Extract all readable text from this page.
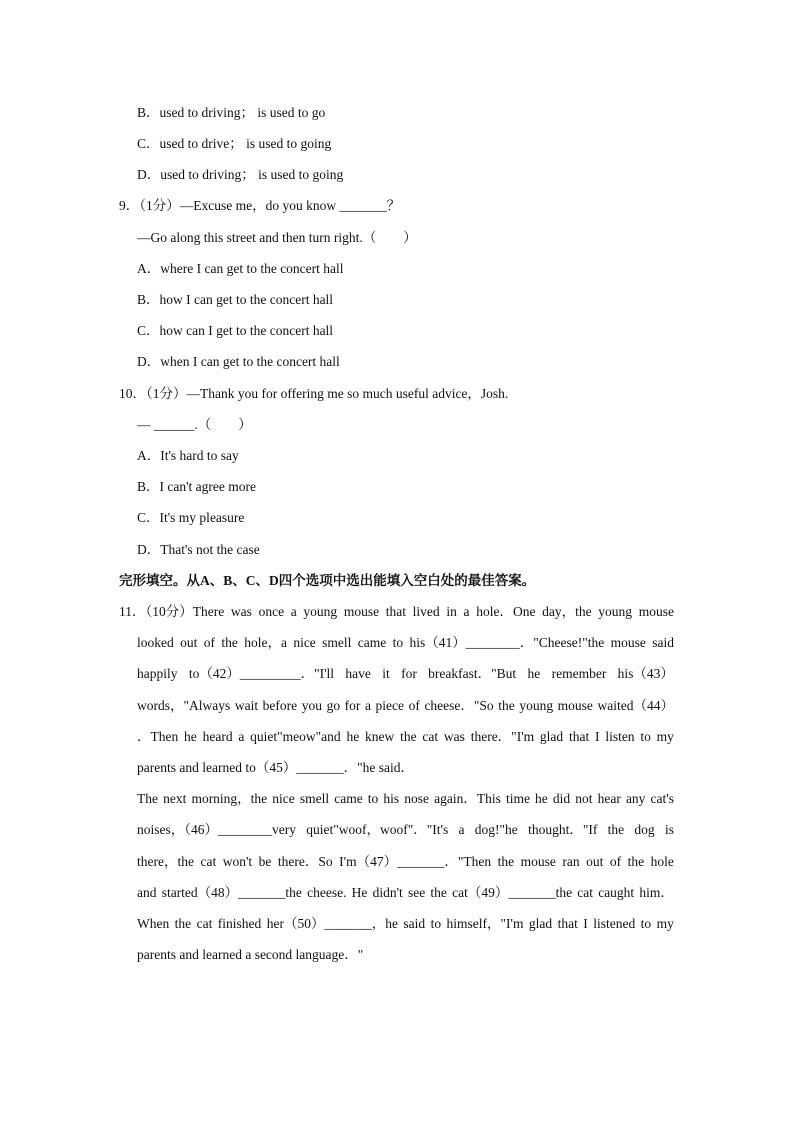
B．used to driving； is used to go
C．used to drive； is used to going
D．used to driving； is used to going
9．（1分）—Excuse me，do you know _______？
—Go along this street and then turn right.（　　）
A．where I can get to the concert hall
B．how I can get to the concert hall
C．how can I get to the concert hall
D．when I can get to the concert hall
10．（1分）—Thank you for offering me so much useful advice，Josh.
— ______.（　　）
A．It's hard to say
B．I can't agree more
C．It's my pleasure
D．That's not the case
完形填空。从A、B、C、D四个选项中选出能填入空白处的最佳答案。
11．（10分）There was once a young mouse that lived in a hole．One day，the young mouse
looked out of the hole，a nice smell came to his（41）________．"Cheese!"the mouse said
happily to（42）_________．"I'll have it for breakfast．"But he remember his（43）
words，"Always wait before you go for a piece of cheese．"So the young mouse waited（44）
．Then he heard a quiet"meow"and he knew the cat was there．"I'm glad that I listen to my
parents and learned to（45）_______．"he said．
The next morning，the nice smell came to his nose again．This time he did not hear any cat's
noises，（46）________very quiet"woof，woof"．"It's a dog!"he thought．"If the dog is
there，the cat won't be there．So I'm（47）_______．"Then the mouse ran out of the hole
and started（48）_______the cheese. He didn't see the cat（49）_______the cat caught him．
When the cat finished her（50）_______，he said to himself，"I'm glad that I listened to my
parents and learned a second language．"
